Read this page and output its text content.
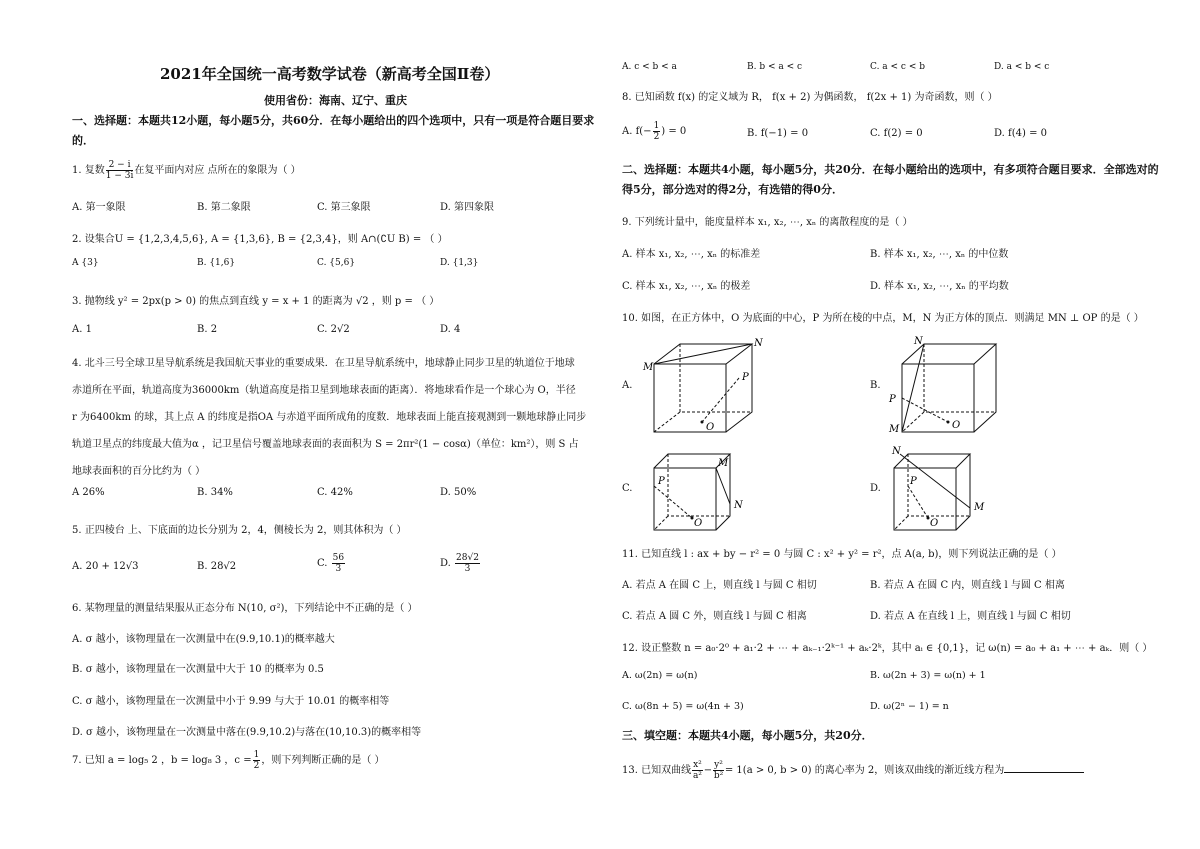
2021年全国统一高考数学试卷（新高考全国Ⅱ卷）
使用省份：海南、辽宁、重庆
一、选择题：本题共12小题，每小题5分，共60分．在每小题给出的四个选项中，只有一项是符合题目要求的．
1. 复数 $\frac{2 - i}{1 - 3i}$ 在复平面内对应 点所在的象限为（ ）
A. 第一象限	B. 第二象限	C. 第三象限	D. 第四象限
2. 设集合U = {1,2,3,4,5,6}, A = {1,3,6}, B = {2,3,4}，则 A∩(∁U B) = （ ）
A {3}	B. {1,6}	C. {5,6}	D. {1,3}
3. 抛物线 y² = 2px(p > 0) 的焦点到直线 y = x + 1 的距离为 √2 ，则 p = （ ）
A. 1	B. 2	C. 2√2	D. 4
4. 北斗三号全球卫星导航系统是我国航天事业的重要成果．在卫星导航系统中，地球静止同步卫星的轨道位于地球
赤道所在平面，轨道高度为36000km（轨道高度是指卫星到地球表面的距离）．将地球看作是一个球心为 O，半径
r 为6400km 的球，其上点 A 的纬度是指OA 与赤道平面所成角的度数．地球表面上能直接观测到一颗地球静止同步
轨道卫星点的纬度最大值为α ，记卫星信号覆盖地球表面的表面积为 S = 2πr²(1 − cosα)（单位：km²），则 S 占
地球表面积的百分比约为（ ）
A 26%	B. 34%	C. 42%	D. 50%
5. 正四棱台 上、下底面的边长分别为 2，4，侧棱长为 2，则其体积为（ ）
A. 20 + 12√3	B. 28√2	C. $\frac{56}{3}$	D. $\frac{28√2}{3}$
6. 某物理量的测量结果服从正态分布 N(10, σ²)，下列结论中不正确的是（ ）
A. σ 越小，该物理量在一次测量中在(9.9,10.1)的概率越大
B. σ 越小，该物理量在一次测量中大于 10 的概率为 0.5
C. σ 越小，该物理量在一次测量中小于 9.99 与大于 10.01 的概率相等
D. σ 越小，该物理量在一次测量中落在(9.9,10.2)与落在(10,10.3)的概率相等
7. 已知 a = log₅ 2 ，b = log₈ 3 ，$c = \frac{1}{2}$ ，则下列判断正确的是（ ）
A. c < b < a	B. b < a < c	C. a < c < b	D. a < b < c
8. 已知函数 f(x) 的定义域为 R， f(x + 2) 为偶函数， f(2x + 1) 为奇函数，则（ ）
A. $f(- \frac{1}{2}$ ) = 0	B. f(−1) = 0	C. f(2) = 0	D. f(4) = 0
二、选择题：本题共4小题，每小题5分，共20分．在每小题给出的选项中，有多项符合题目要求．全部选对的得5分，部分选对的得2分，有选错的得0分．
9. 下列统计量中，能度量样本 x₁, x₂, ⋯, xₙ 的离散程度的是（ ）
A. 样本 x₁, x₂, ⋯, xₙ 的标准差	B. 样本 x₁, x₂, ⋯, xₙ 的中位数
C. 样本 x₁, x₂, ⋯, xₙ 的极差	D. 样本 x₁, x₂, ⋯, xₙ 的平均数
10. 如图，在正方体中，O 为底面的中心，P 为所在棱的中点，M，N 为正方体的顶点．则满足 MN ⊥ OP 的是（ ）
A.
M
N
P
O
B.
N
P
M	O
C.
M
N
P
O
D.
N
M
P
O
11. 已知直线 l : ax + by − r² = 0 与圆 C : x² + y² = r²，点 A(a, b)，则下列说法正确的是（ ）
A. 若点 A 在圆 C 上，则直线 l 与圆 C 相切	B. 若点 A 在圆 C 内，则直线 l 与圆 C 相离
C. 若点 A 圆 C 外，则直线 l 与圆 C 相离	D. 若点 A 在直线 l 上，则直线 l 与圆 C 相切
12. 设正整数 n = a₀·2⁰ + a₁·2 + ⋯ + aₖ₋₁·2ᵏ⁻¹ + aₖ·2ᵏ，其中 aᵢ ∈ {0,1}，记 ω(n) = a₀ + a₁ + ⋯ + aₖ．则（ ）
A. ω(2n) = ω(n)	B. ω(2n + 3) = ω(n) + 1
C. ω(8n + 5) = ω(4n + 3)	D. ω(2ⁿ − 1) = n
三、填空题：本题共4小题，每小题5分，共20分．
13. 已知双曲线 $\frac{\text{x²}}{\text{a²}} - \frac{\text{y²}}{\text{b²}} = 1(a > 0$, b > 0) 的离心率为 2，则该双曲线的渐近线方程为
